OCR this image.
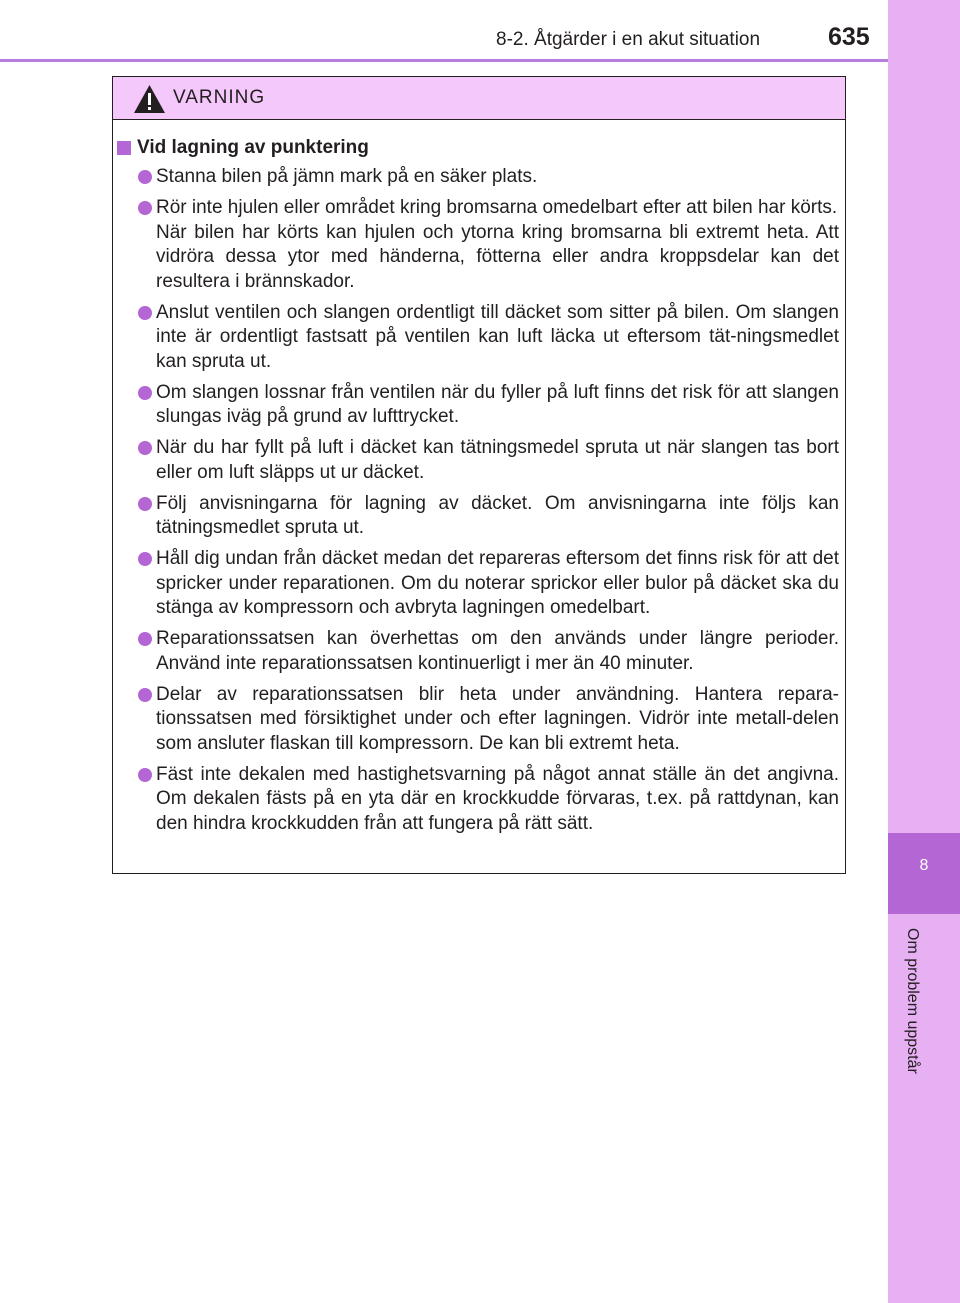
8-2. Åtgärder i en akut situation	635
8
Om problem uppstår
VARNING
Vid lagning av punktering
Stanna bilen på jämn mark på en säker plats.
Rör inte hjulen eller området kring bromsarna omedelbart efter att bilen har körts.
När bilen har körts kan hjulen och ytorna kring bromsarna bli extremt heta. Att vidröra dessa ytor med händerna, fötterna eller andra kroppsdelar kan det resultera i brännskador.
Anslut ventilen och slangen ordentligt till däcket som sitter på bilen. Om slangen inte är ordentligt fastsatt på ventilen kan luft läcka ut eftersom tät-ningsmedlet kan spruta ut.
Om slangen lossnar från ventilen när du fyller på luft finns det risk för att slangen slungas iväg på grund av lufttrycket.
När du har fyllt på luft i däcket kan tätningsmedel spruta ut när slangen tas bort eller om luft släpps ut ur däcket.
Följ anvisningarna för lagning av däcket. Om anvisningarna inte följs kan tätningsmedlet spruta ut.
Håll dig undan från däcket medan det repareras eftersom det finns risk för att det spricker under reparationen. Om du noterar sprickor eller bulor på däcket ska du stänga av kompressorn och avbryta lagningen omedelbart.
Reparationssatsen kan överhettas om den används under längre perioder. Använd inte reparationssatsen kontinuerligt i mer än 40 minuter.
Delar av reparationssatsen blir heta under användning. Hantera repara-tionssatsen med försiktighet under och efter lagningen. Vidrör inte metall-delen som ansluter flaskan till kompressorn. De kan bli extremt heta.
Fäst inte dekalen med hastighetsvarning på något annat ställe än det angivna. Om dekalen fästs på en yta där en krockkudde förvaras, t.ex. på rattdynan, kan den hindra krockkudden från att fungera på rätt sätt.
